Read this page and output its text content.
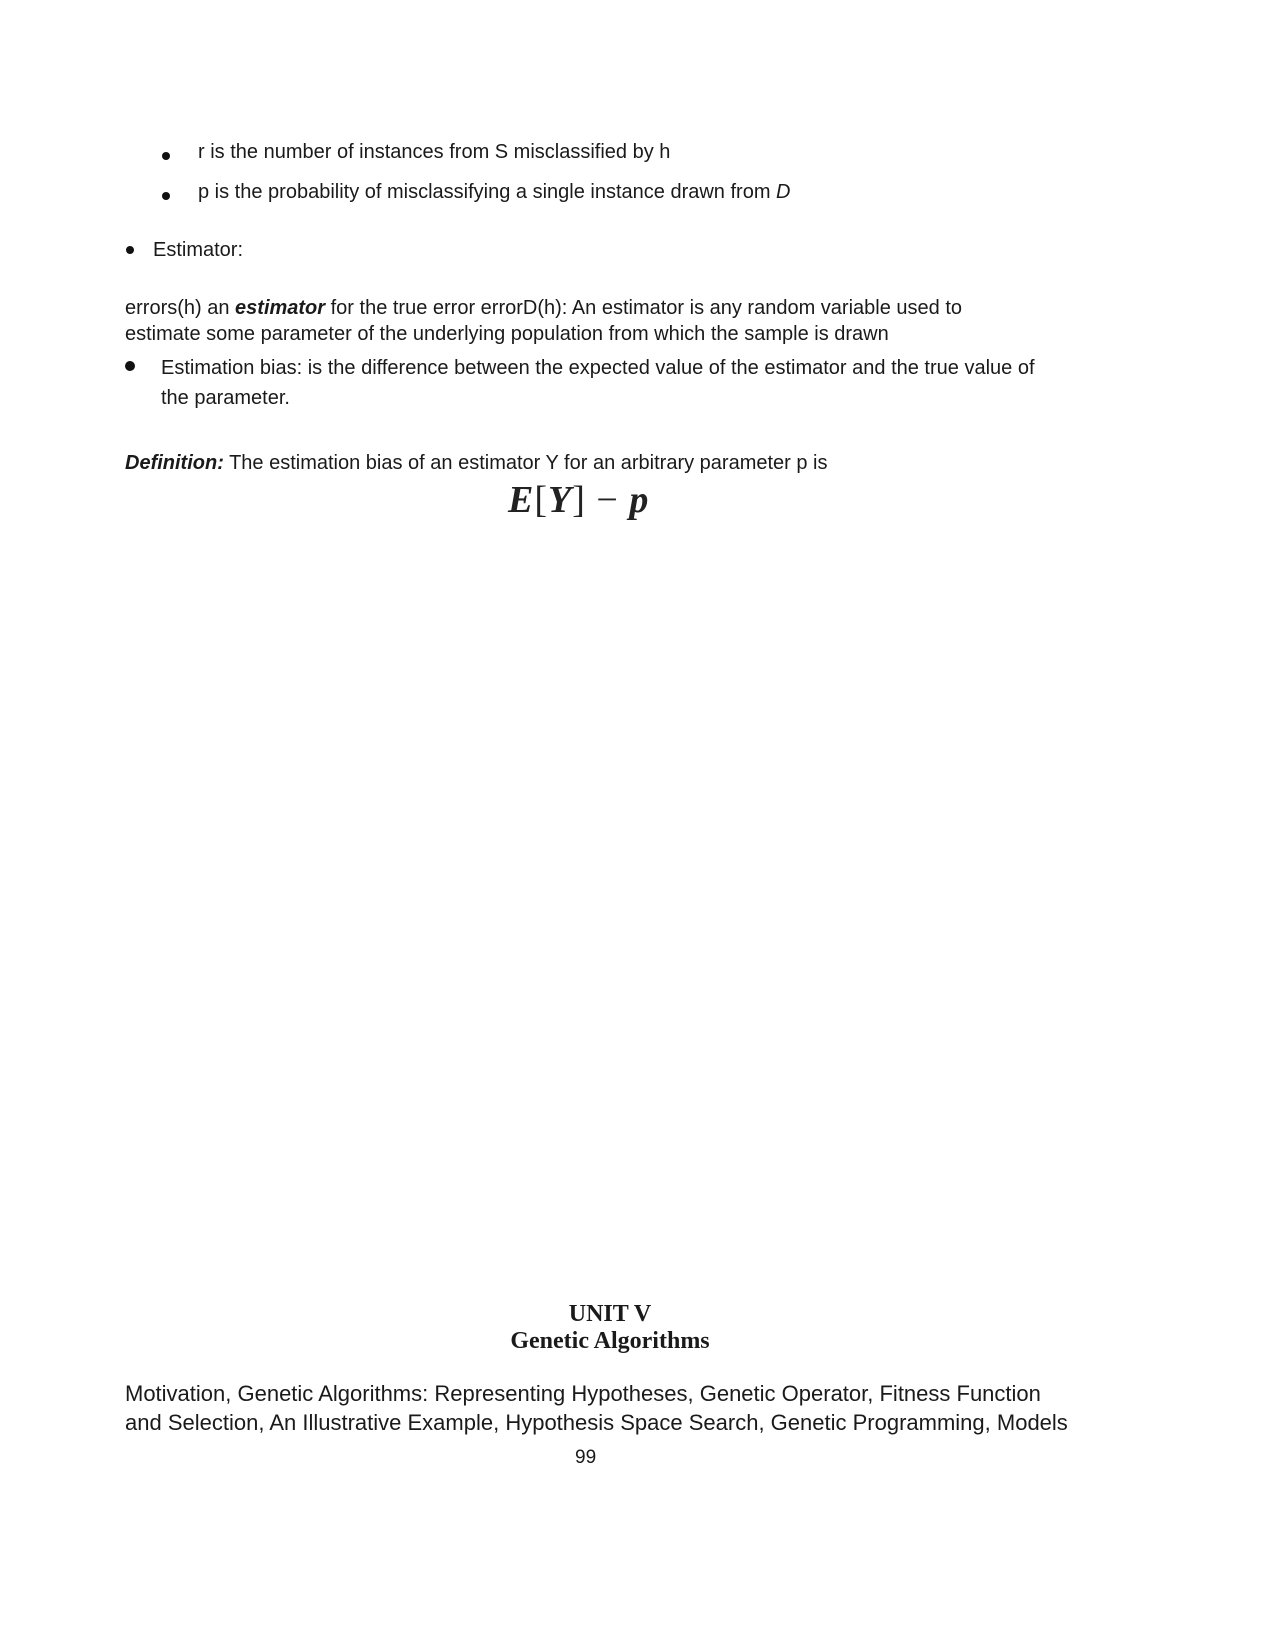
r is the number of instances from S misclassified by h
p is the probability of misclassifying a single instance drawn from D
Estimator:
errors(h) an estimator for the true error errorD(h): An estimator is any random variable used to
estimate some parameter of the underlying population from which the sample is drawn
Estimation bias: is the difference between the expected value of the estimator and the true value of
the parameter.
Definition: The estimation bias of an estimator Y for an arbitrary parameter p is
E[Y] − p
UNIT V
Genetic Algorithms
Motivation, Genetic Algorithms: Representing Hypotheses, Genetic Operator, Fitness Function
and Selection, An Illustrative Example, Hypothesis Space Search, Genetic Programming, Models
99
